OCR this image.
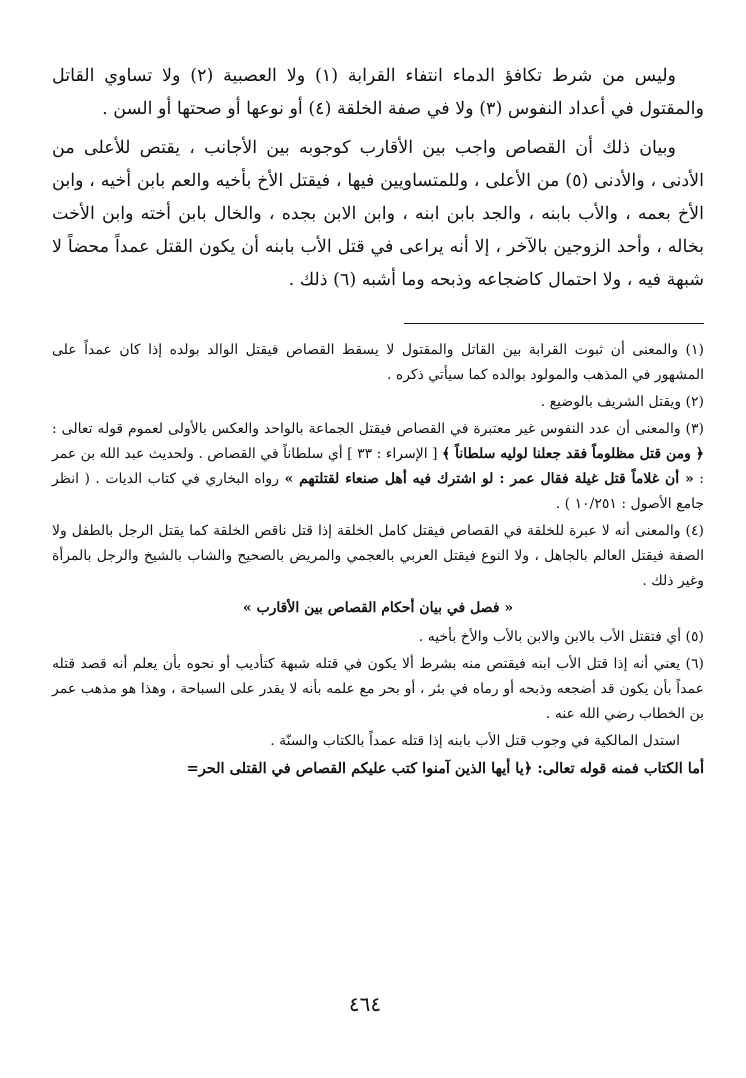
وليس من شرط تكافؤ الدماء انتفاء القرابة (١) ولا العصبية (٢) ولا تساوي القاتل والمقتول في أعداد النفوس (٣) ولا في صفة الخلقة (٤) أو نوعها أو صحتها أو السن .

وبيان ذلك أن القصاص واجب بين الأقارب كوجوبه بين الأجانب ، يقتص للأعلى من الأدنى ، والأدنى (٥) من الأعلى ، وللمتساويين فيها ، فيقتل الأخ بأخيه والعم بابن أخيه ، وابن الأخ بعمه ، والأب بابنه ، والجد بابن ابنه ، وابن الابن بجده ، والخال بابن أخته وابن الأخت بخاله ، وأحد الزوجين بالآخر ، إلا أنه يراعى في قتل الأب بابنه أن يكون القتل عمداً محضاً لا شبهة فيه ، ولا احتمال كاضجاعه وذبحه وما أشبه (٦) ذلك .

(١) والمعنى أن ثبوت القرابة بين القاتل والمقتول لا يسقط القصاص فيقتل الوالد بولده إذا كان عمداً على المشهور في المذهب والمولود بوالده كما سيأتي ذكره .

(٢) ويقتل الشريف بالوضيع .

(٣) والمعنى أن عدد النفوس غير معتبرة في القصاص فيقتل الجماعة بالواحد والعكس بالأولى لعموم قوله تعالى : ﴿ ومن قتل مظلوماً فقد جعلنا لوليه سلطاناً ﴾ [ الإسراء : ٣٣ ] أي سلطاناً في القصاص . ولحديث عبد الله بن عمر : « أن غلاماً قتل غيلة فقال عمر : لو اشترك فيه أهل صنعاء لقتلتهم » رواه البخاري في كتاب الديات . ( انظر جامع الأصول : ١٠/٢٥١ ) .

(٤) والمعنى أنه لا عبرة للخلقة في القصاص فيقتل كامل الخلقة إذا قتل ناقص الخلقة كما يقتل الرجل بالطفل ولا الصفة فيقتل العالم بالجاهل ، ولا النوع فيقتل العربي بالعجمي والمريض بالصحيح والشاب بالشيخ والرجل بالمرأة وغير ذلك .

« فصل في بيان أحكام القصاص بين الأقارب »

(٥) أي فتقتل الأب بالابن والابن بالأب والأخ بأخيه .

(٦) يعني أنه إذا قتل الأب ابنه فيقتص منه بشرط ألا يكون في قتله شبهة كتأديب أو نحوه بأن يعلم أنه قصد قتله عمداً بأن يكون قد أضجعه وذبحه أو رماه في بئر ، أو بحر مع علمه بأنه لا يقدر على السباحة ، وهذا هو مذهب عمر بن الخطاب رضي الله عنه .

استدل المالكية في وجوب قتل الأب بابنه إذا قتله عمداً بالكتاب والسنّة .

أما الكتاب فمنه قوله تعالى: ﴿يا أيها الذين آمنوا كتب عليكم القصاص في القتلى الحر=

٤٦٤
